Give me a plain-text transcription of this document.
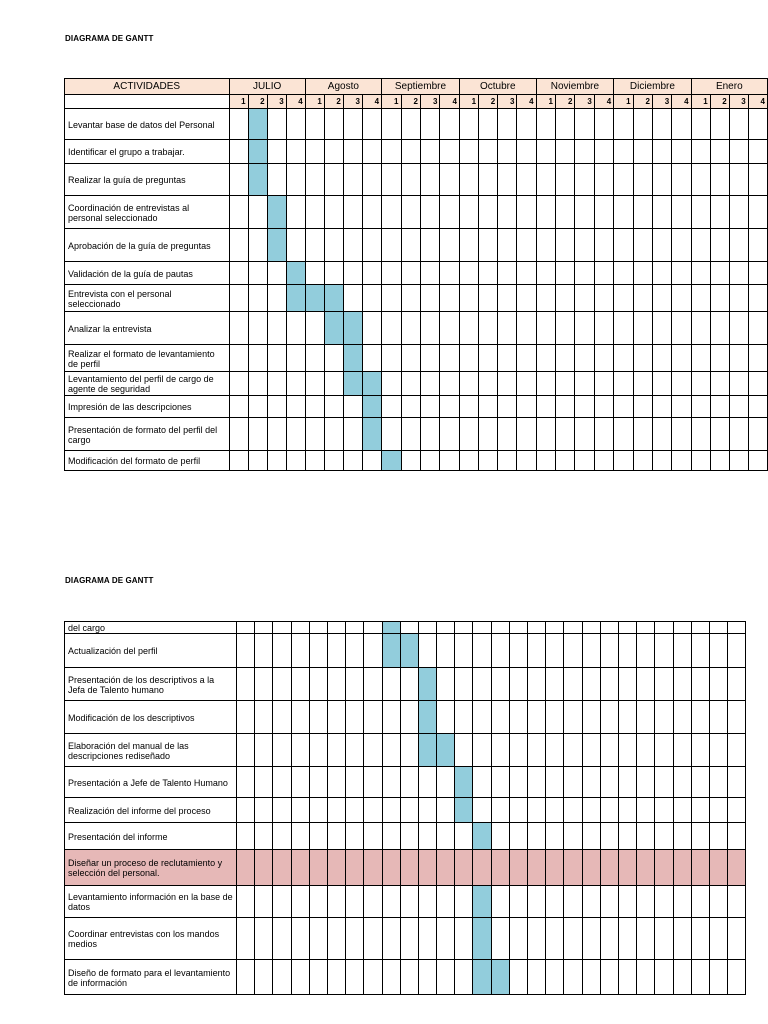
DIAGRAMA DE GANTT
ACTIVIDADES	JULIO				Agosto				Septiembre				Octubre				Noviembre				Diciembre				Enero			
	1	2	3	4	1	2	3	4	1	2	3	4	1	2	3	4	1	2	3	4	1	2	3	4	1	2	3	4
Levantar base de datos del Personal																												
Identificar el grupo a trabajar.																												
Realizar la guía de preguntas																												
Coordinación de entrevistas al personal seleccionado																												
Aprobación de la guía de preguntas																												
Validación de la guía de pautas																												
Entrevista con el personal seleccionado																												
Analizar la entrevista																												
Realizar el formato de levantamiento de perfil																												
Levantamiento del perfil de cargo de agente de seguridad																												
Impresión de las descripciones																												
Presentación de formato del perfil del cargo																												
Modificación del formato de perfil																												
DIAGRAMA DE GANTT
del cargo																												
Actualización del perfil																												
Presentación de los descriptivos a la Jefa de Talento humano																												
Modificación de los descriptivos																												
Elaboración del manual de las descripciones rediseñado																												
Presentación a Jefe de Talento Humano																												
Realización del informe del proceso																												
Presentación del informe																												
Diseñar un proceso de reclutamiento y selección del personal.																												
Levantamiento información en la base de datos																												
Coordinar entrevistas con los mandos medios																												
Diseño de formato para el levantamiento de información																												
